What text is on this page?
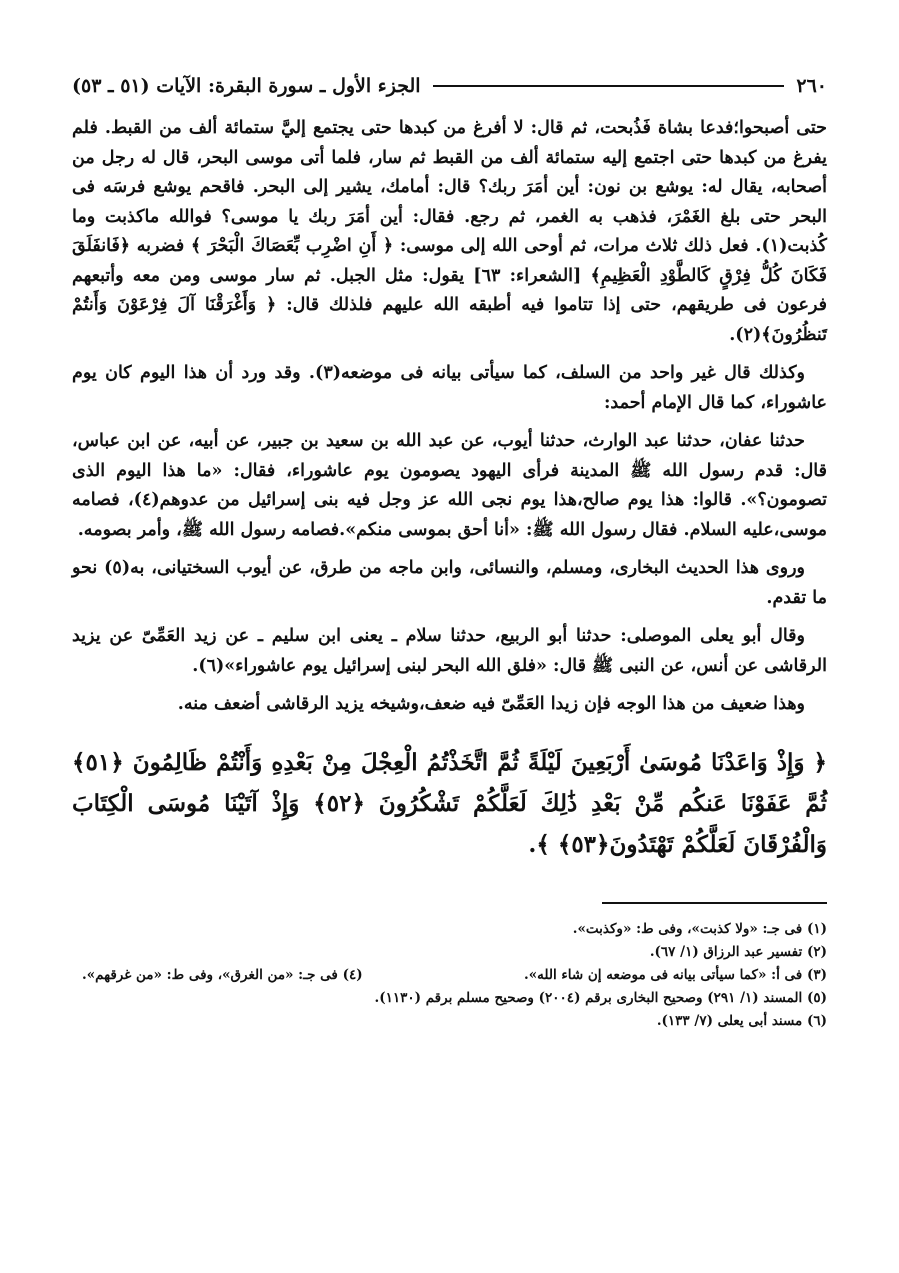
٢٦٠
الجزء الأول ـ سورة البقرة: الآيات (٥١ ـ ٥٣)

حتى أصبحوا؛فدعا بشاة فَذُبحت، ثم قال: لا أفرغ من كبدها حتى يجتمع إليَّ ستمائة ألف من القبط. فلم يفرغ من كبدها حتى اجتمع إليه ستمائة ألف من القبط ثم سار، فلما أتى موسى البحر، قال له رجل من أصحابه، يقال له: يوشع بن نون: أين أمَرَ ربك؟ قال: أمامك، يشير إلى البحر. فاقحم يوشع فرسَه فى البحر حتى بلغ الغَمْرَ، فذهب به الغمر، ثم رجع. فقال: أين أمَرَ ربك يا موسى؟ فوالله ماكذبت وما كُذبت(١). فعل ذلك ثلاث مرات، ثم أوحى الله إلى موسى: ﴿ أَنِ اضْرِب بِّعَصَاكَ الْبَحْرَ ﴾ فضربه ﴿فَانفَلَقَ فَكَانَ كُلُّ فِرْقٍ كَالطَّوْدِ الْعَظِيمِ﴾ [الشعراء: ٦٣] يقول: مثل الجبل. ثم سار موسى ومن معه وأتبعهم فرعون فى طريقهم، حتى إذا تتاموا فيه أطبقه الله عليهم فلذلك قال: ﴿ وَأَغْرَقْنَا آلَ فِرْعَوْنَ وَأَنتُمْ تَنظُرُونَ﴾(٢).

وكذلك قال غير واحد من السلف، كما سيأتى بيانه فى موضعه(٣). وقد ورد أن هذا اليوم كان يوم عاشوراء، كما قال الإمام أحمد:

حدثنا عفان، حدثنا عبد الوارث، حدثنا أيوب، عن عبد الله بن سعيد بن جبير، عن أبيه، عن ابن عباس، قال: قدم رسول الله ﷺ المدينة فرأى اليهود يصومون يوم عاشوراء، فقال: «ما هذا اليوم الذى تصومون؟». قالوا: هذا يوم صالح،هذا يوم نجى الله عز وجل فيه بنى إسرائيل من عدوهم(٤)، فصامه موسى،عليه السلام. فقال رسول الله ﷺ: «أنا أحق بموسى منكم».فصامه رسول الله ﷺ، وأمر بصومه.

وروى هذا الحديث البخارى، ومسلم، والنسائى، وابن ماجه من طرق، عن أيوب السختيانى، به(٥) نحو ما تقدم.

وقال أبو يعلى الموصلى: حدثنا أبو الربيع، حدثنا سلام ـ يعنى ابن سليم ـ عن زيد العَمِّىّ عن يزيد الرقاشى عن أنس، عن النبى ﷺ قال: «فلق الله البحر لبنى إسرائيل يوم عاشوراء»(٦).

وهذا ضعيف من هذا الوجه فإن زيدا العَمِّىّ فيه ضعف،وشيخه يزيد الرقاشى أضعف منه.

﴿ وَإِذْ وَاعَدْنَا مُوسَىٰ أَرْبَعِينَ لَيْلَةً ثُمَّ اتَّخَذْتُمُ الْعِجْلَ مِنْ بَعْدِهِ وَأَنْتُمْ ظَالِمُونَ ﴿٥١﴾ ثُمَّ عَفَوْنَا عَنكُم مِّنْ بَعْدِ ذَٰلِكَ لَعَلَّكُمْ تَشْكُرُونَ ﴿٥٢﴾ وَإِذْ آتَيْنَا مُوسَى الْكِتَابَ وَالْفُرْقَانَ لَعَلَّكُمْ تَهْتَدُونَ﴿٥٣﴾ ﴾.

(١) فى جـ: «ولا كذبت»، وفى ط: «وكذبت».
(٢) تفسير عبد الرزاق (١/ ٦٧).
(٣) فى أ: «كما سيأتى بيانه فى موضعه إن شاء الله».
(٤) فى جـ: «من الغرق»، وفى ط: «من غرقهم».
(٥) المسند (١/ ٢٩١) وصحيح البخارى برقم (٢٠٠٤) وصحيح مسلم برقم (١١٣٠).
(٦) مسند أبى يعلى (٧/ ١٣٣).
